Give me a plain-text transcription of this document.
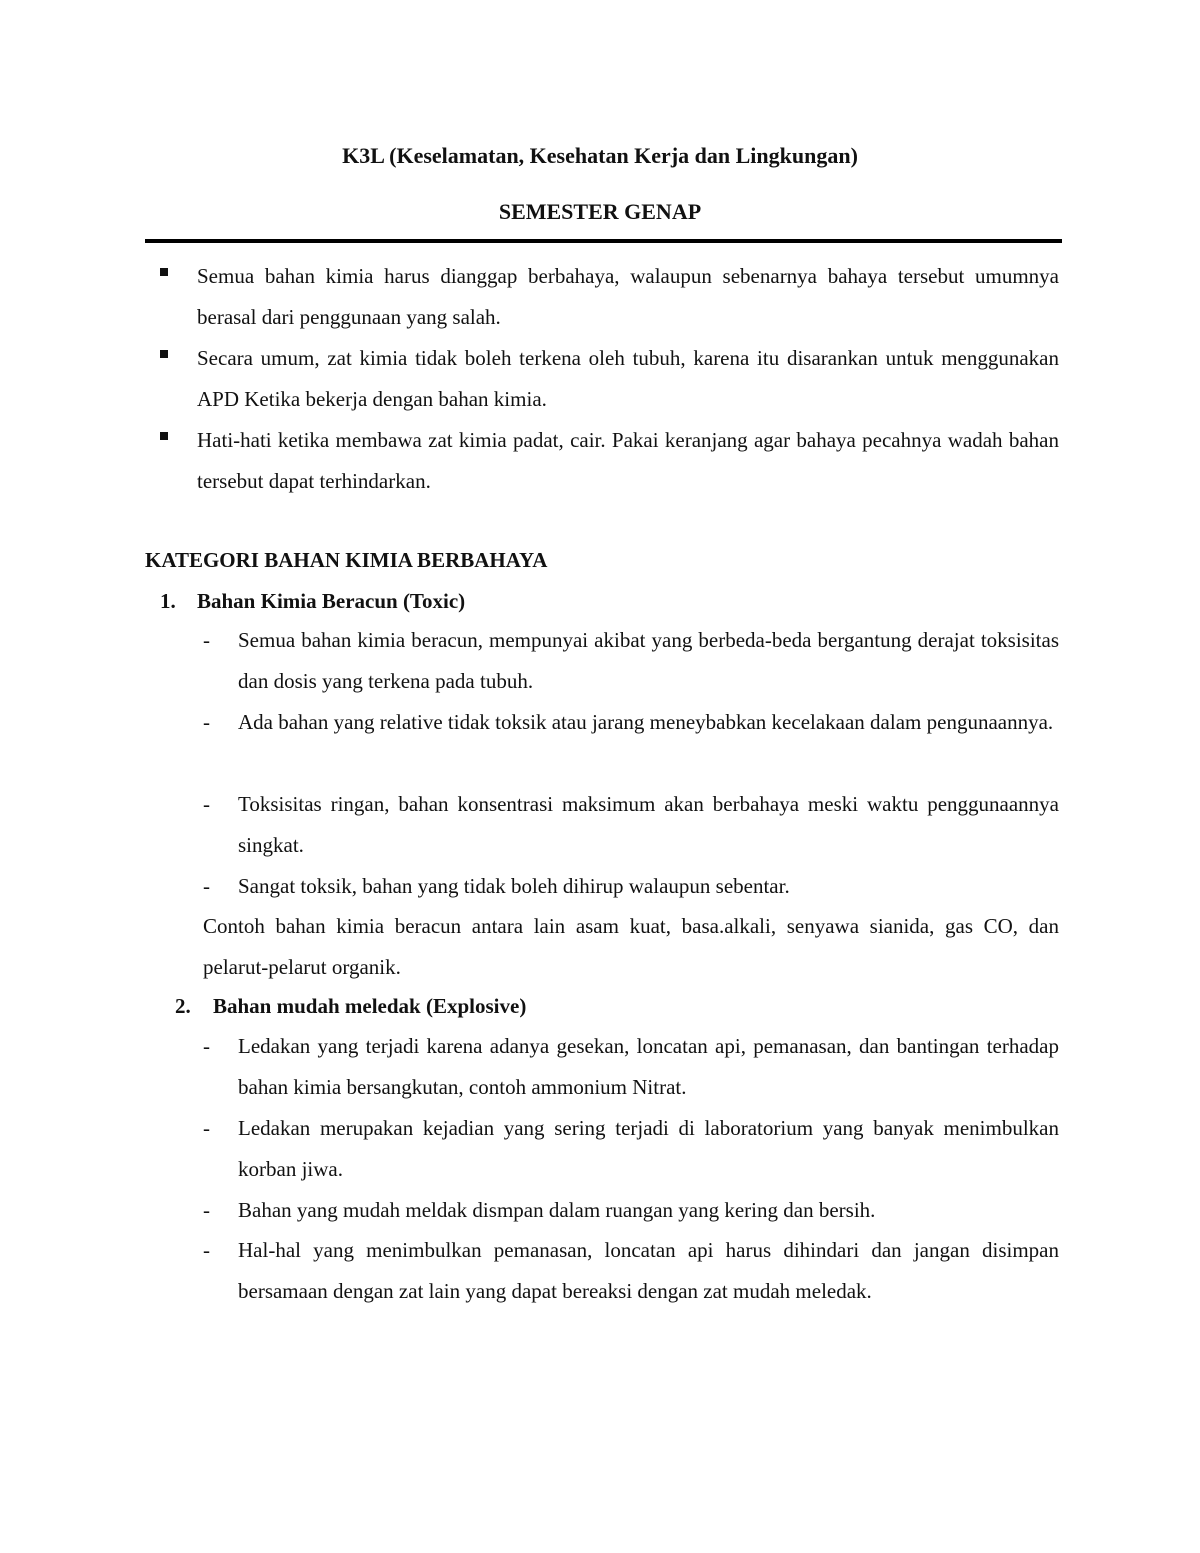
K3L (Keselamatan, Kesehatan Kerja dan Lingkungan)
SEMESTER GENAP
Semua bahan kimia harus dianggap berbahaya, walaupun sebenarnya bahaya tersebut umumnya berasal dari penggunaan yang salah.
Secara umum, zat kimia tidak boleh terkena oleh tubuh, karena itu disarankan untuk menggunakan APD Ketika bekerja dengan bahan kimia.
Hati-hati ketika membawa zat kimia padat, cair. Pakai keranjang agar bahaya pecahnya wadah bahan tersebut dapat terhindarkan.
KATEGORI BAHAN KIMIA BERBAHAYA
1. Bahan Kimia Beracun (Toxic)
- Semua bahan kimia beracun, mempunyai akibat yang berbeda-beda bergantung derajat toksisitas dan dosis yang terkena pada tubuh.
- Ada bahan yang relative tidak toksik atau jarang meneybabkan kecelakaan dalam pengunaannya.
- Toksisitas ringan, bahan konsentrasi maksimum akan berbahaya meski waktu penggunaannya singkat.
- Sangat toksik, bahan yang tidak boleh dihirup walaupun sebentar.
Contoh bahan kimia beracun antara lain asam kuat, basa.alkali, senyawa sianida, gas CO, dan pelarut-pelarut organik.
2. Bahan mudah meledak (Explosive)
- Ledakan yang terjadi karena adanya gesekan, loncatan api, pemanasan, dan bantingan terhadap bahan kimia bersangkutan, contoh ammonium Nitrat.
- Ledakan merupakan kejadian yang sering terjadi di laboratorium yang banyak menimbulkan korban jiwa.
- Bahan yang mudah meldak dismpan dalam ruangan yang kering dan bersih.
- Hal-hal yang menimbulkan pemanasan, loncatan api harus dihindari dan jangan disimpan bersamaan dengan zat lain yang dapat bereaksi dengan zat mudah meledak.
